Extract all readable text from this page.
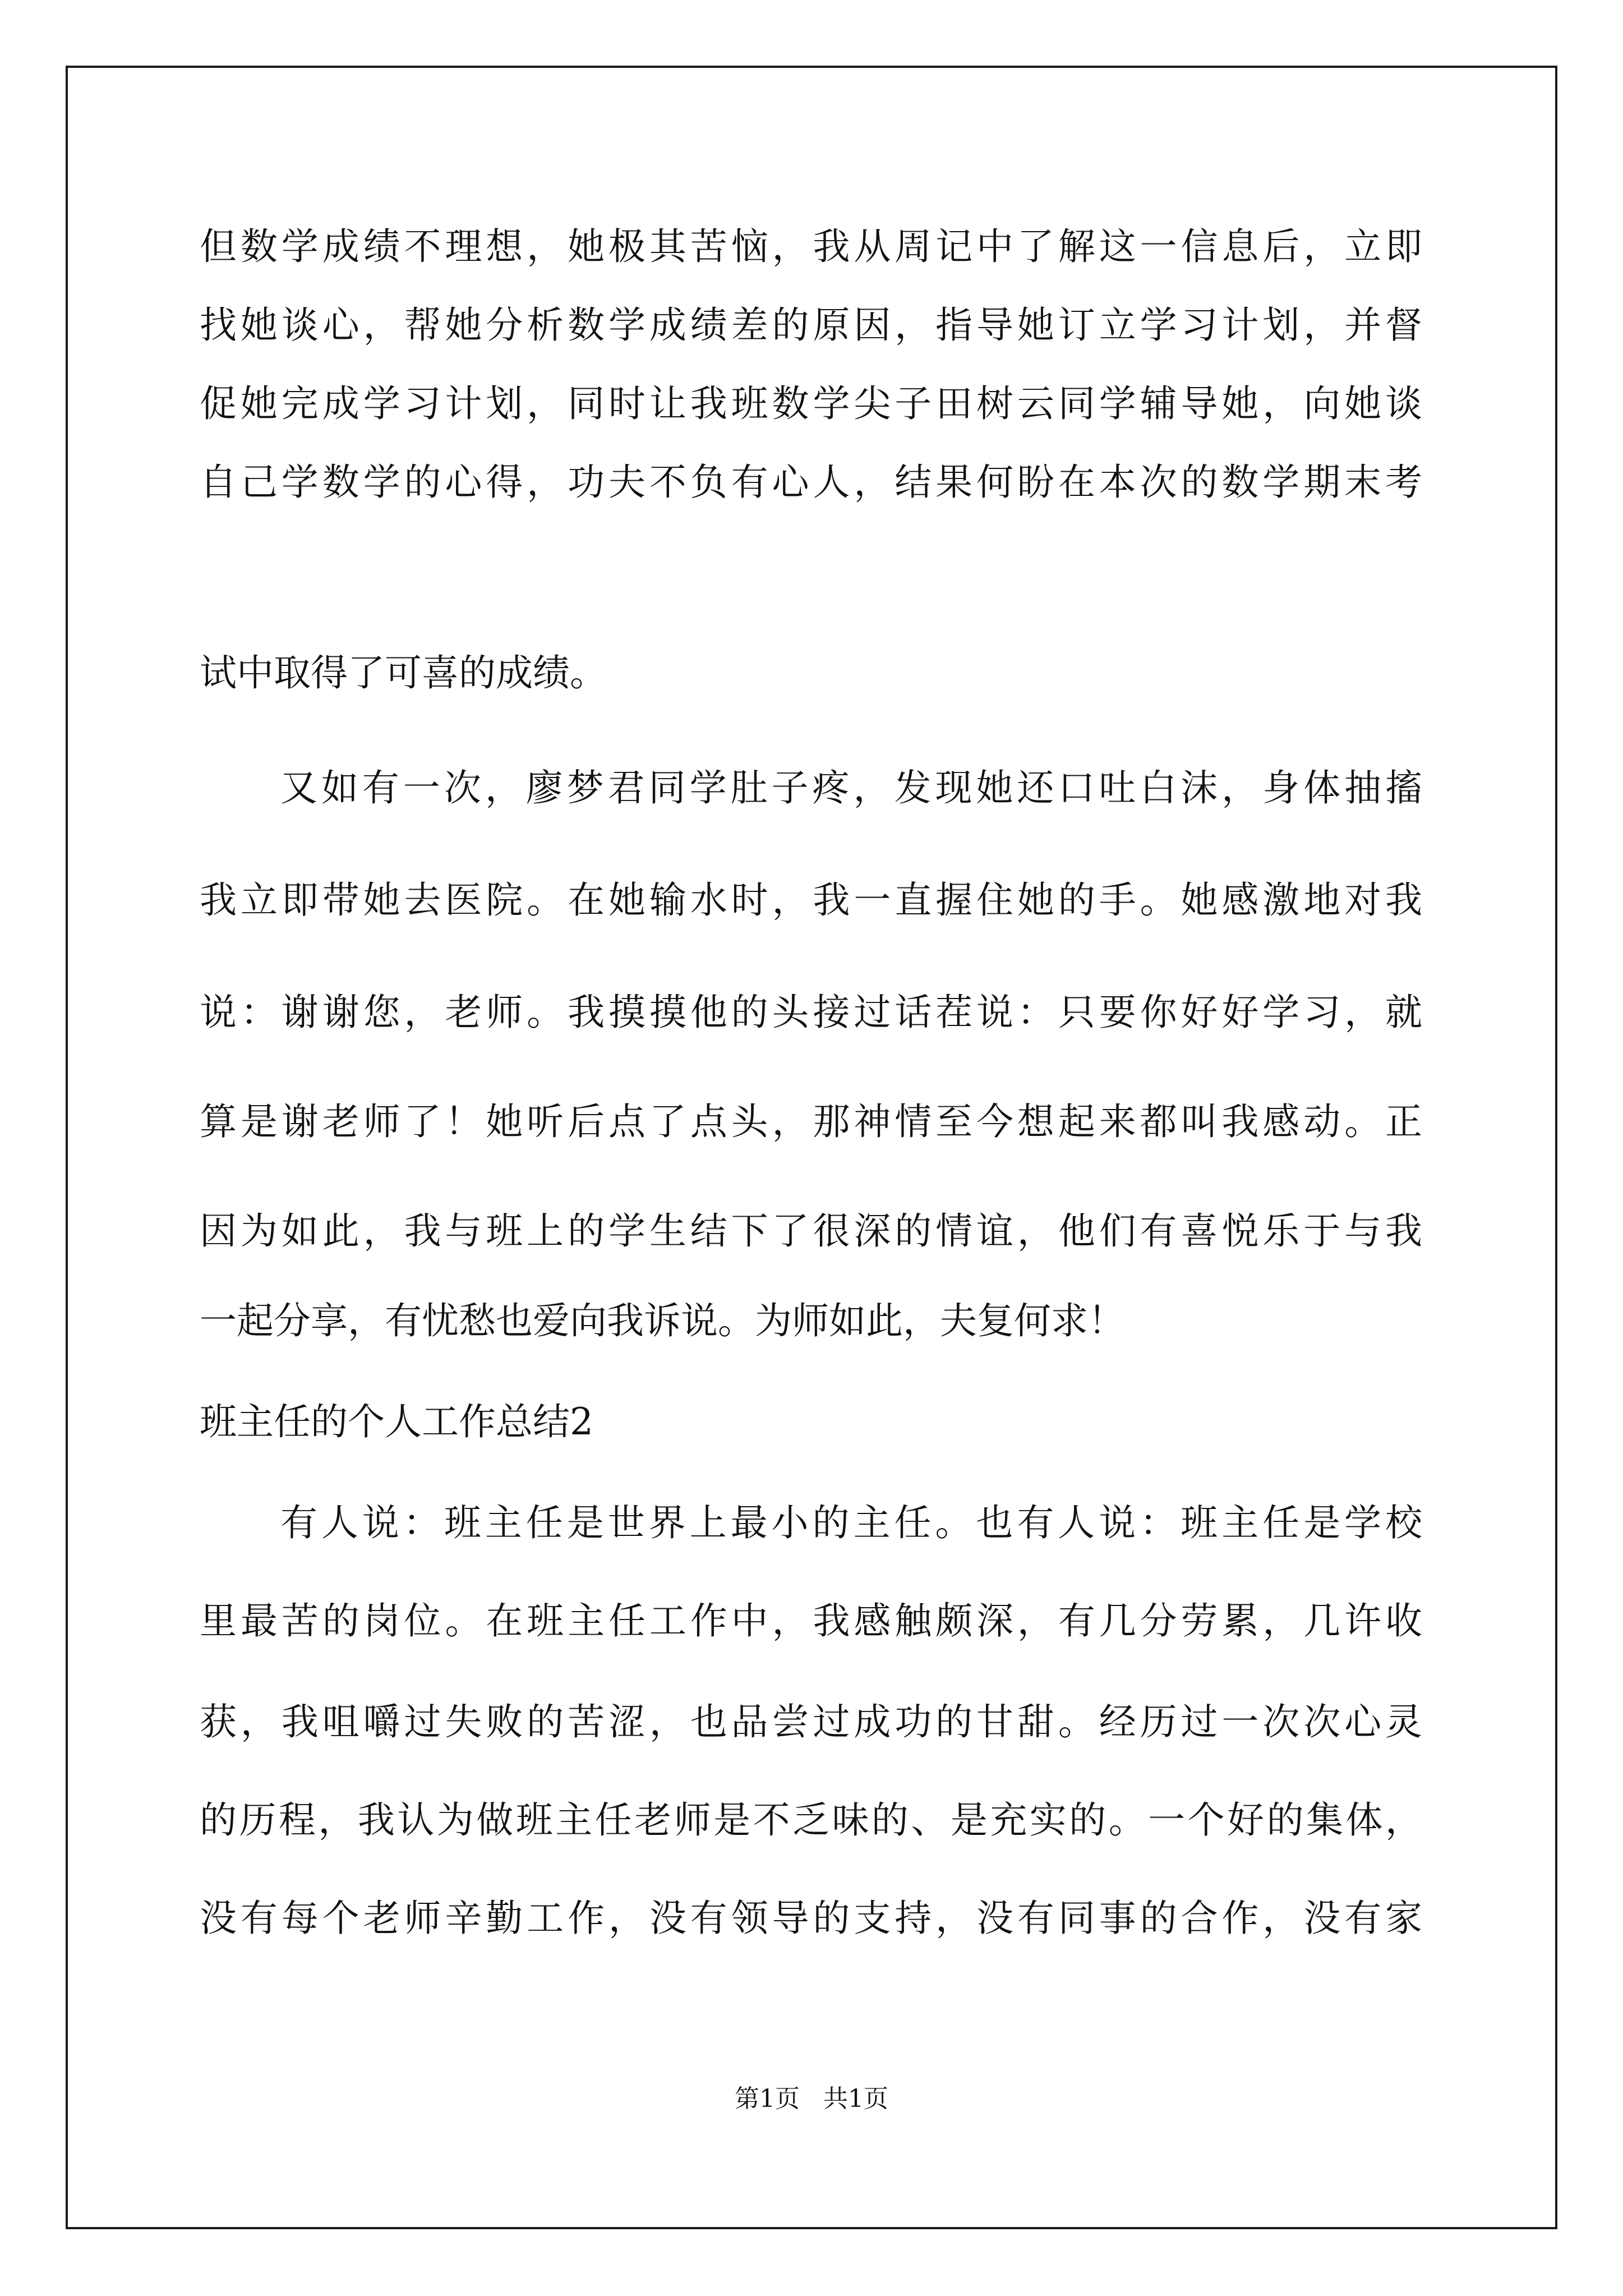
但数学成绩不理想，她极其苦恼，我从周记中了解这一信息后，立即
找她谈心，帮她分析数学成绩差的原因，指导她订立学习计划，并督
促她完成学习计划，同时让我班数学尖子田树云同学辅导她，向她谈
自己学数学的心得，功夫不负有心人，结果何盼在本次的数学期末考
试中取得了可喜的成绩。
又如有一次，廖梦君同学肚子疼，发现她还口吐白沫，身体抽搐
我立即带她去医院。在她输水时，我一直握住她的手。她感激地对我
说：谢谢您，老师。我摸摸他的头接过话茬说：只要你好好学习，就
算是谢老师了！她听后点了点头，那神情至今想起来都叫我感动。正
因为如此，我与班上的学生结下了很深的情谊，他们有喜悦乐于与我
一起分享，有忧愁也爱向我诉说。为师如此，夫复何求！
班主任的个人工作总结2
有人说：班主任是世界上最小的主任。也有人说：班主任是学校
里最苦的岗位。在班主任工作中，我感触颇深，有几分劳累，几许收
获，我咀嚼过失败的苦涩，也品尝过成功的甘甜。经历过一次次心灵
的历程，我认为做班主任老师是不乏味的、是充实的。一个好的集体，
没有每个老师辛勤工作，没有领导的支持，没有同事的合作，没有家
第1页   共1页
